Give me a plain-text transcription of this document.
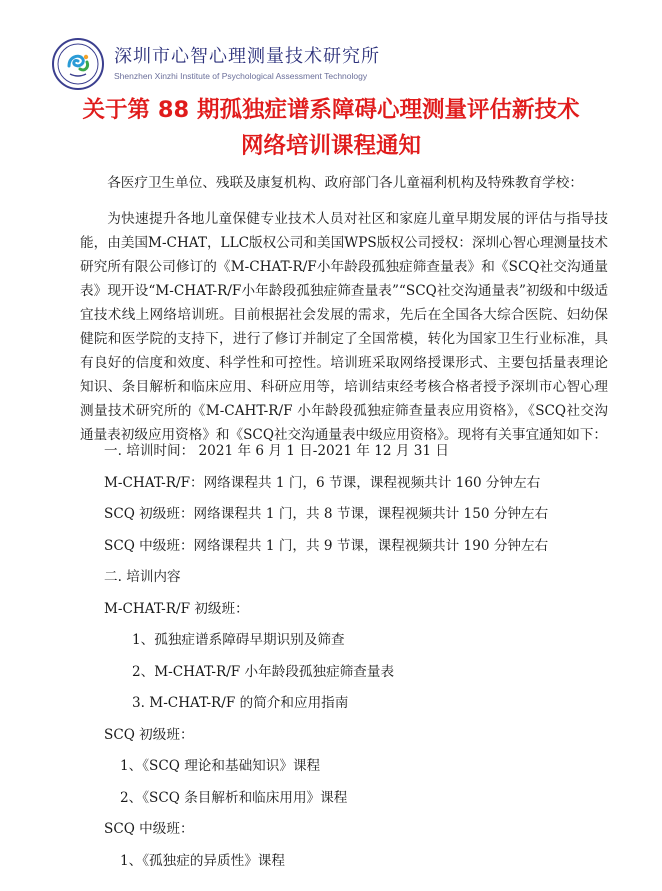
深圳市心智心理测量技术研究所
Shenzhen Xinzhi Institute of Psychological Assessment Technology
关于第 88 期孤独症谱系障碍心理测量评估新技术
网络培训课程通知

各医疗卫生单位、残联及康复机构、政府部门各儿童福利机构及特殊教育学校：

为快速提升各地儿童保健专业技术人员对社区和家庭儿童早期发展的评估与指导技能，由美国M-CHAT，LLC版权公司和美国WPS版权公司授权：深圳心智心理测量技术研究所有限公司修订的《M-CHAT-R/F小年龄段孤独症筛查量表》和《SCQ社交沟通量表》现开设“M-CHAT-R/F小年龄段孤独症筛查量表”“SCQ社交沟通量表”初级和中级适宜技术线上网络培训班。目前根据社会发展的需求，先后在全国各大综合医院、妇幼保健院和医学院的支持下，进行了修订并制定了全国常模，转化为国家卫生行业标准，具有良好的信度和效度、科学性和可控性。培训班采取网络授课形式、主要包括量表理论知识、条目解析和临床应用、科研应用等，培训结束经考核合格者授予深圳市心智心理测量技术研究所的《M-CAHT-R/F 小年龄段孤独症筛查量表应用资格》，《SCQ社交沟通量表初级应用资格》和《SCQ社交沟通量表中级应用资格》。现将有关事宜通知如下：

一. 培训时间： 2021 年 6 月 1 日-2021 年 12 月 31 日
M-CHAT-R/F：网络课程共 1 门，6 节课，课程视频共计 160 分钟左右
SCQ 初级班：网络课程共 1 门，共 8 节课，课程视频共计 150 分钟左右
SCQ 中级班：网络课程共 1 门，共 9 节课，课程视频共计 190 分钟左右
二. 培训内容
M-CHAT-R/F 初级班：
1、孤独症谱系障碍早期识别及筛查
2、M-CHAT-R/F 小年龄段孤独症筛查量表
3. M-CHAT-R/F 的简介和应用指南
SCQ 初级班：
1、《SCQ 理论和基础知识》课程
2、《SCQ 条目解析和临床用用》课程
SCQ 中级班：
1、《孤独症的异质性》课程
